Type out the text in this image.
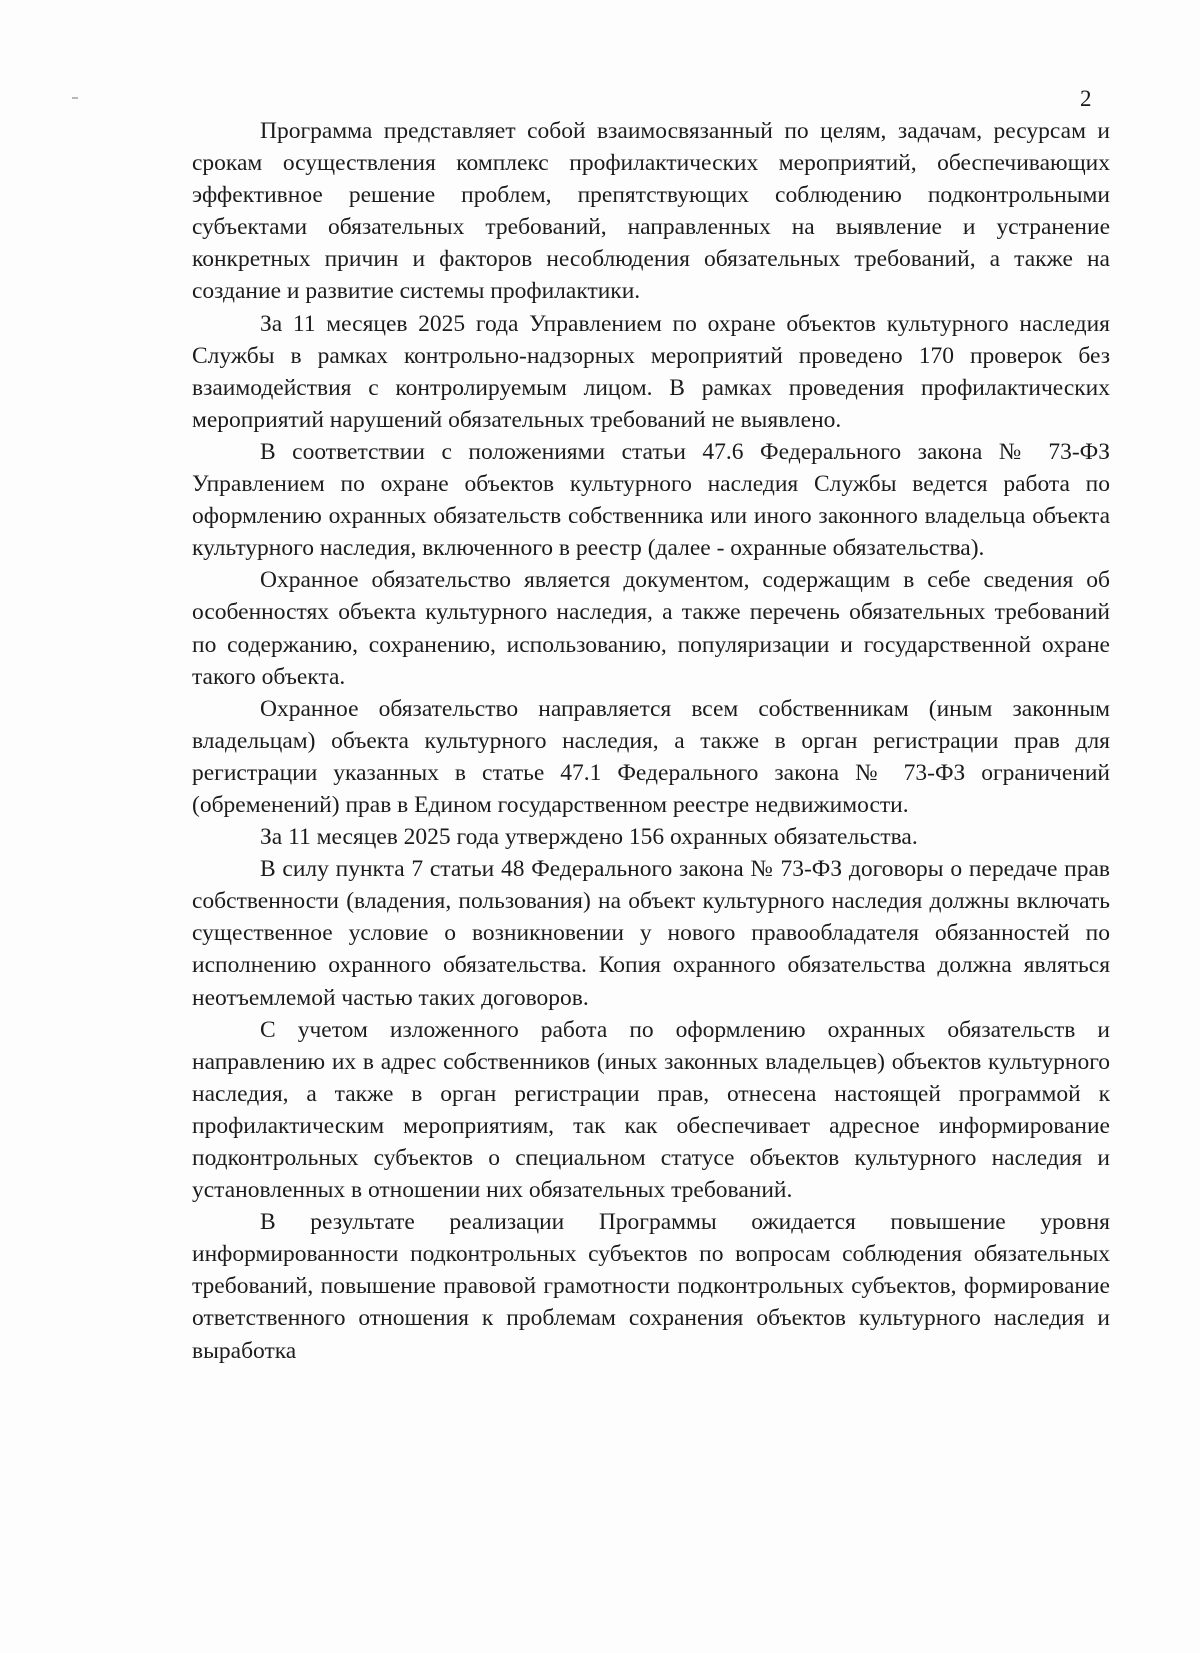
2

Программа представляет собой взаимосвязанный по целям, задачам, ресурсам и срокам осуществления комплекс профилактических мероприятий, обеспечивающих эффективное решение проблем, препятствующих соблюдению подконтрольными субъектами обязательных требований, направленных на выявление и устранение конкретных причин и факторов несоблюдения обязательных требований, а также на создание и развитие системы профилактики.

За 11 месяцев 2025 года Управлением по охране объектов культурного наследия Службы в рамках контрольно-надзорных мероприятий проведено 170 проверок без взаимодействия с контролируемым лицом. В рамках проведения профилактических мероприятий нарушений обязательных требований не выявлено.

В соответствии с положениями статьи 47.6 Федерального закона № 73-ФЗ Управлением по охране объектов культурного наследия Службы ведется работа по оформлению охранных обязательств собственника или иного законного владельца объекта культурного наследия, включенного в реестр (далее - охранные обязательства).

Охранное обязательство является документом, содержащим в себе сведения об особенностях объекта культурного наследия, а также перечень обязательных требований по содержанию, сохранению, использованию, популяризации и государственной охране такого объекта.

Охранное обязательство направляется всем собственникам (иным законным владельцам) объекта культурного наследия, а также в орган регистрации прав для регистрации указанных в статье 47.1 Федерального закона № 73-ФЗ ограничений (обременений) прав в Едином государственном реестре недвижимости.

За 11 месяцев 2025 года утверждено 156 охранных обязательства.

В силу пункта 7 статьи 48 Федерального закона № 73-ФЗ договоры о передаче прав собственности (владения, пользования) на объект культурного наследия должны включать существенное условие о возникновении у нового правообладателя обязанностей по исполнению охранного обязательства. Копия охранного обязательства должна являться неотъемлемой частью таких договоров.

С учетом изложенного работа по оформлению охранных обязательств и направлению их в адрес собственников (иных законных владельцев) объектов культурного наследия, а также в орган регистрации прав, отнесена настоящей программой к профилактическим мероприятиям, так как обеспечивает адресное информирование подконтрольных субъектов о специальном статусе объектов культурного наследия и установленных в отношении них обязательных требований.

В результате реализации Программы ожидается повышение уровня информированности подконтрольных субъектов по вопросам соблюдения обязательных требований, повышение правовой грамотности подконтрольных субъектов, формирование ответственного отношения к проблемам сохранения объектов культурного наследия и выработка
